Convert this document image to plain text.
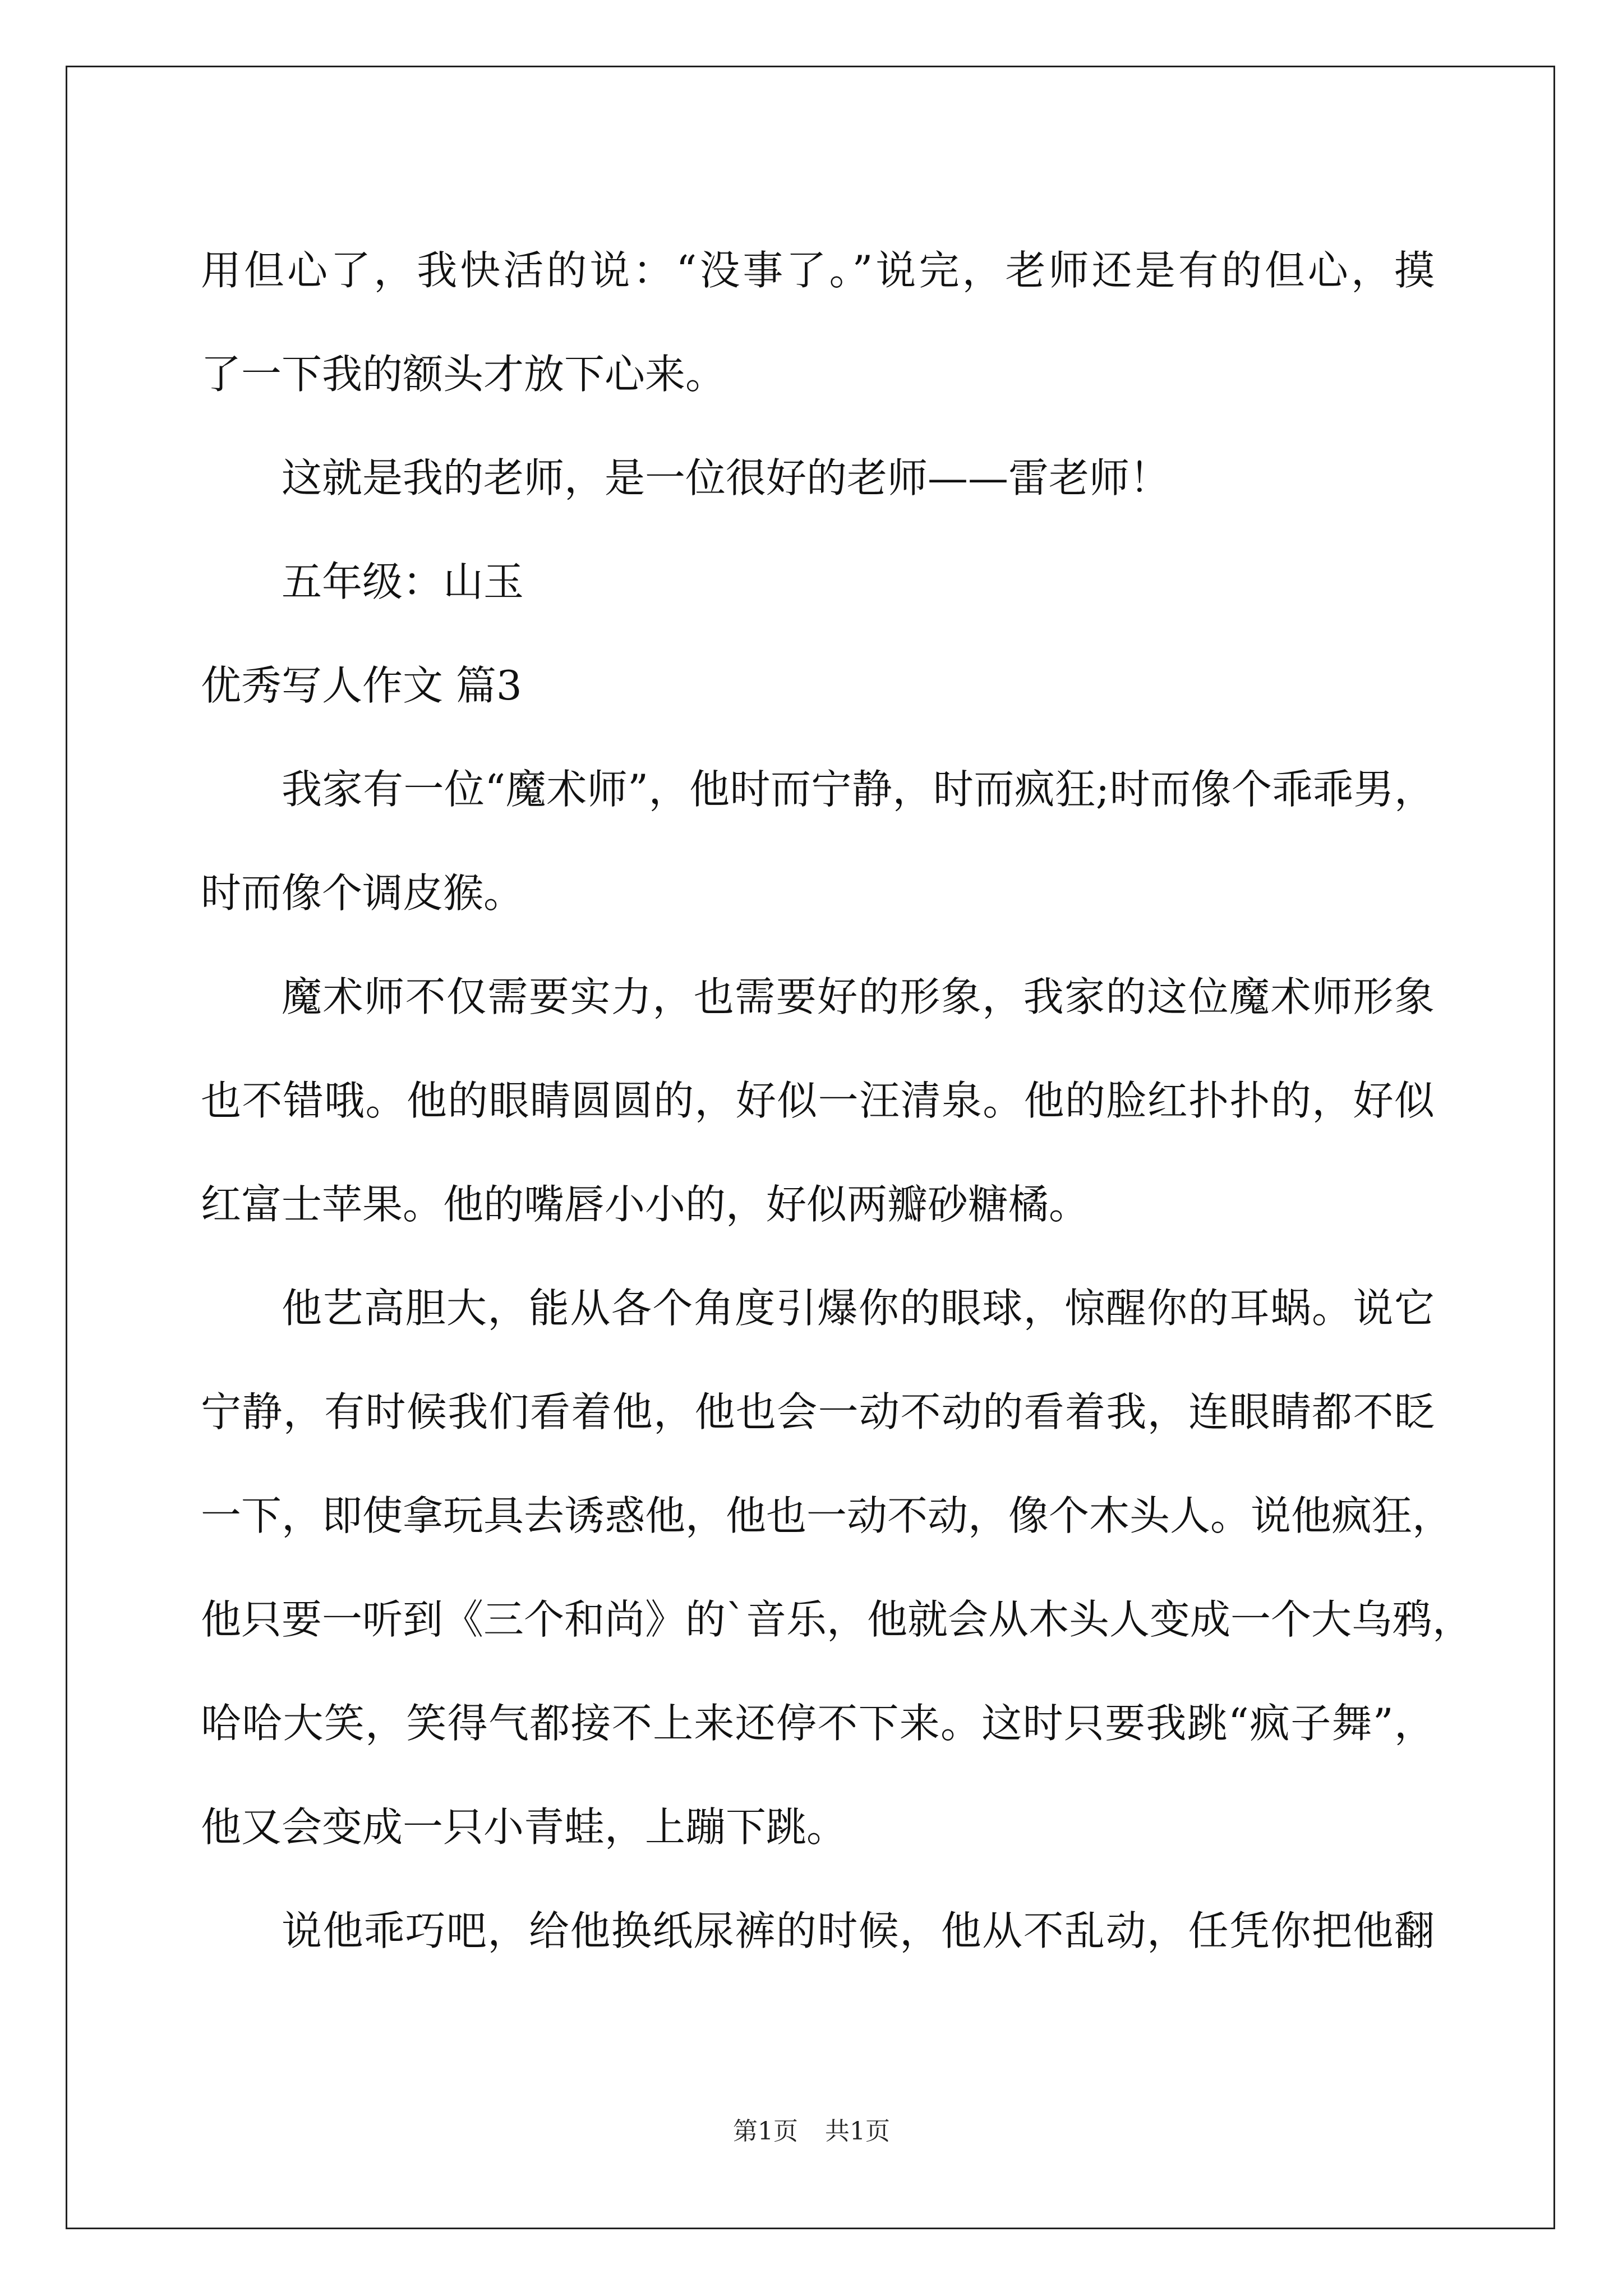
用但心了，我快活的说：“没事了。”说完，老师还是有的但心，摸
了一下我的额头才放下心来。
这就是我的老师，是一位很好的老师——雷老师！
五年级：山玉
优秀写人作文 篇3
我家有一位“魔术师”，他时而宁静，时而疯狂;时而像个乖乖男，
时而像个调皮猴。
魔术师不仅需要实力，也需要好的形象，我家的这位魔术师形象
也不错哦。他的眼睛圆圆的，好似一汪清泉。他的脸红扑扑的，好似
红富士苹果。他的嘴唇小小的，好似两瓣砂糖橘。
他艺高胆大，能从各个角度引爆你的眼球，惊醒你的耳蜗。说它
宁静，有时候我们看着他，他也会一动不动的看着我，连眼睛都不眨
一下，即使拿玩具去诱惑他，他也一动不动，像个木头人。说他疯狂，
他只要一听到《三个和尚》的`音乐，他就会从木头人变成一个大乌鸦，
哈哈大笑，笑得气都接不上来还停不下来。这时只要我跳“疯子舞”，
他又会变成一只小青蛙，上蹦下跳。
说他乖巧吧，给他换纸尿裤的时候，他从不乱动，任凭你把他翻
第1页 共1页
